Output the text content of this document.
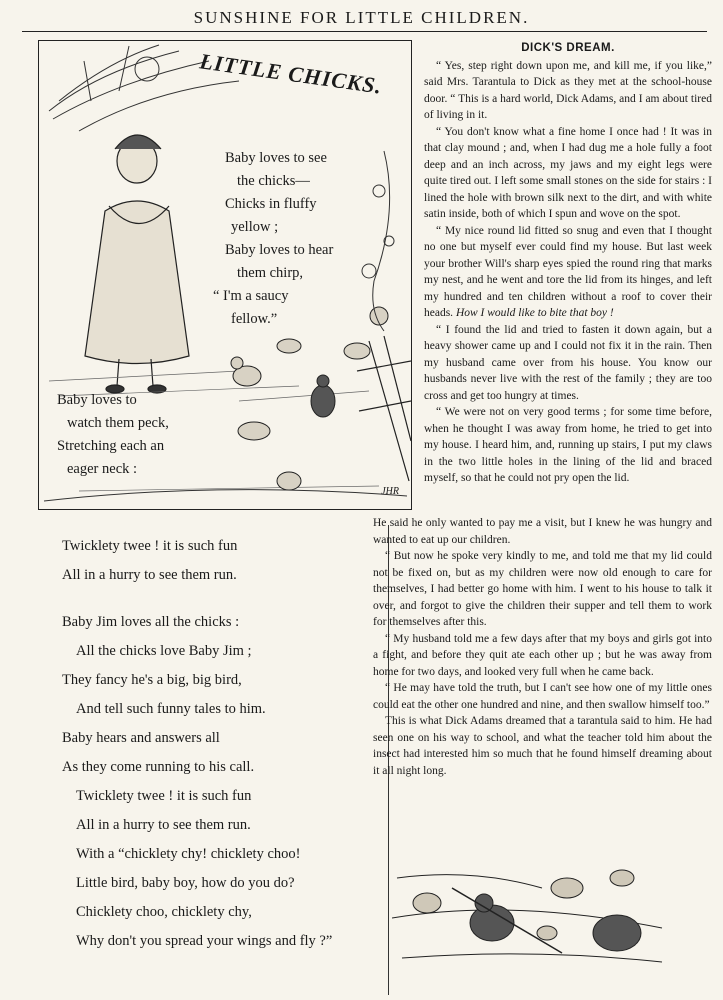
SUNSHINE FOR LITTLE CHILDREN.
LITTLE CHICKS.
Baby loves to see
the chicks—
Chicks in fluffy
yellow ;
Baby loves to hear
them chirp,
“ I'm a saucy
fellow.”
Baby loves to
watch them peck,
Stretching each an
eager neck :
JHR
Twicklety twee ! it is such fun
All in a hurry to see them run.
Baby Jim loves all the chicks :
All the chicks love Baby Jim ;
They fancy he's a big, big bird,
And tell such funny tales to him.
Baby hears and answers all
As they come running to his call.
Twicklety twee ! it is such fun
All in a hurry to see them run.
With a “chicklety chy! chicklety choo!
Little bird, baby boy, how do you do?
Chicklety choo, chicklety chy,
Why don't you spread your wings and fly ?”
DICK'S DREAM.

“ Yes, step right down upon me, and kill me, if you like,” said Mrs. Tarantula to Dick as they met at the school-house door. “ This is a hard world, Dick Adams, and I am about tired of living in it.

“ You don't know what a fine home I once had ! It was in that clay mound ; and, when I had dug me a hole fully a foot deep and an inch across, my jaws and my eight legs were quite tired out. I left some small stones on the side for stairs : I lined the hole with brown silk next to the dirt, and with white satin inside, both of which I spun and wove on the spot.

“ My nice round lid fitted so snug and even that I thought no one but myself ever could find my house. But last week your brother Will's sharp eyes spied the round ring that marks my nest, and he went and tore the lid from its hinges, and left my hundred and ten children without a roof to cover their heads. How I would like to bite that boy !

“ I found the lid and tried to fasten it down again, but a heavy shower came up and I could not fix it in the rain. Then my husband came over from his house. You know our husbands never live with the rest of the family ; they are too cross and get too hungry at times.

“ We were not on very good terms ; for some time before, when he thought I was away from home, he tried to get into my house. I heard him, and, running up stairs, I put my claws in the two little holes in the lining of the lid and braced myself, so that he could not pry open the lid.

He said he only wanted to pay me a visit, but I knew he was hungry and wanted to eat up our children.

“ But now he spoke very kindly to me, and told me that my lid could not be fixed on, but as my children were now old enough to care for themselves, I had better go home with him. I went to his house to talk it over, and forgot to give the children their supper and tell them to work for themselves after this.

“ My husband told me a few days after that my boys and girls got into a fight, and before they quit ate each other up ; but he was away from home for two days, and looked very full when he came back.

“ He may have told the truth, but I can't see how one of my little ones could eat the other one hundred and nine, and then swallow himself too.”

This is what Dick Adams dreamed that a tarantula said to him. He had seen one on his way to school, and what the teacher told him about the insect had interested him so much that he found himself dreaming about it all night long.
